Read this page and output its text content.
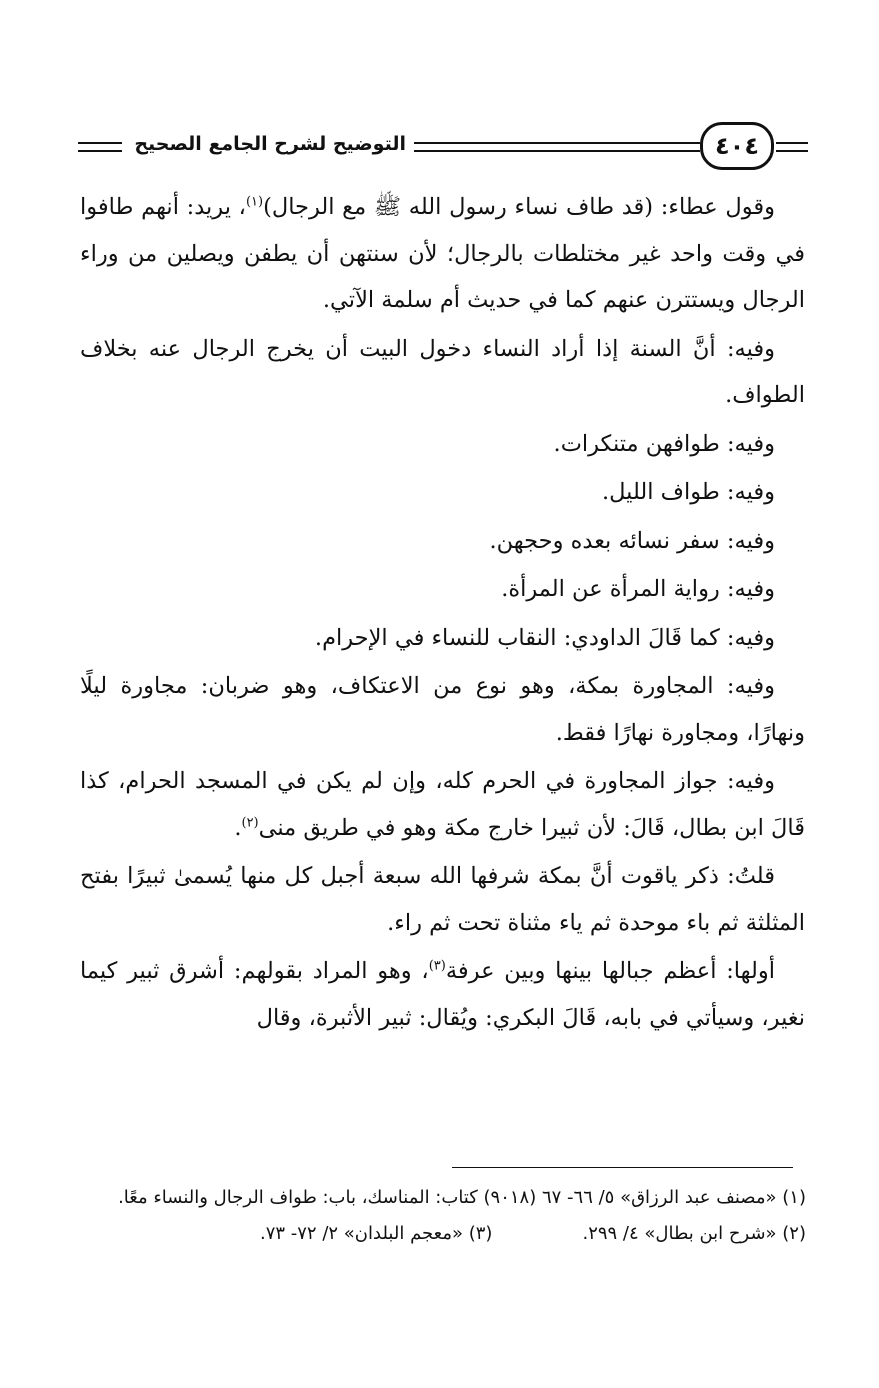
٤٠٤
التوضيح لشرح الجامع الصحيح

وقول عطاء: (قد طاف نساء رسول الله ﷺ مع الرجال)$^{(١)}$، يريد: أنهم طافوا في وقت واحد غير مختلطات بالرجال؛ لأن سنتهن أن يطفن ويصلين من وراء الرجال ويستترن عنهم كما في حديث أم سلمة الآتي.

وفيه: أنَّ السنة إذا أراد النساء دخول البيت أن يخرج الرجال عنه بخلاف الطواف.

وفيه: طوافهن متنكرات.

وفيه: طواف الليل.

وفيه: سفر نسائه بعده وحجهن.

وفيه: رواية المرأة عن المرأة.

وفيه: كما قَالَ الداودي: النقاب للنساء في الإحرام.

وفيه: المجاورة بمكة، وهو نوع من الاعتكاف، وهو ضربان: مجاورة ليلًا ونهارًا، ومجاورة نهارًا فقط.

وفيه: جواز المجاورة في الحرم كله، وإن لم يكن في المسجد الحرام، كذا قَالَ ابن بطال، قَالَ: لأن ثبيرا خارج مكة وهو في طريق منى$^{(٢)}$.

قلتُ: ذكر ياقوت أنَّ بمكة شرفها الله سبعة أجبل كل منها يُسمىٰ ثبيرًا بفتح المثلثة ثم باء موحدة ثم ياء مثناة تحت ثم راء.

أولها: أعظم جبالها بينها وبين عرفة$^{(٣)}$، وهو المراد بقولهم: أشرق ثبير كيما نغير، وسيأتي في بابه، قَالَ البكري: ويُقال: ثبير الأثبرة، وقال

(١) «مصنف عبد الرزاق» ٥/ ٦٦- ٦٧ (٩٠١٨) كتاب: المناسك، باب: طواف الرجال والنساء معًا.

(٢) «شرح ابن بطال» ٤/ ٢٩٩.
(٣) «معجم البلدان» ٢/ ٧٢- ٧٣.
